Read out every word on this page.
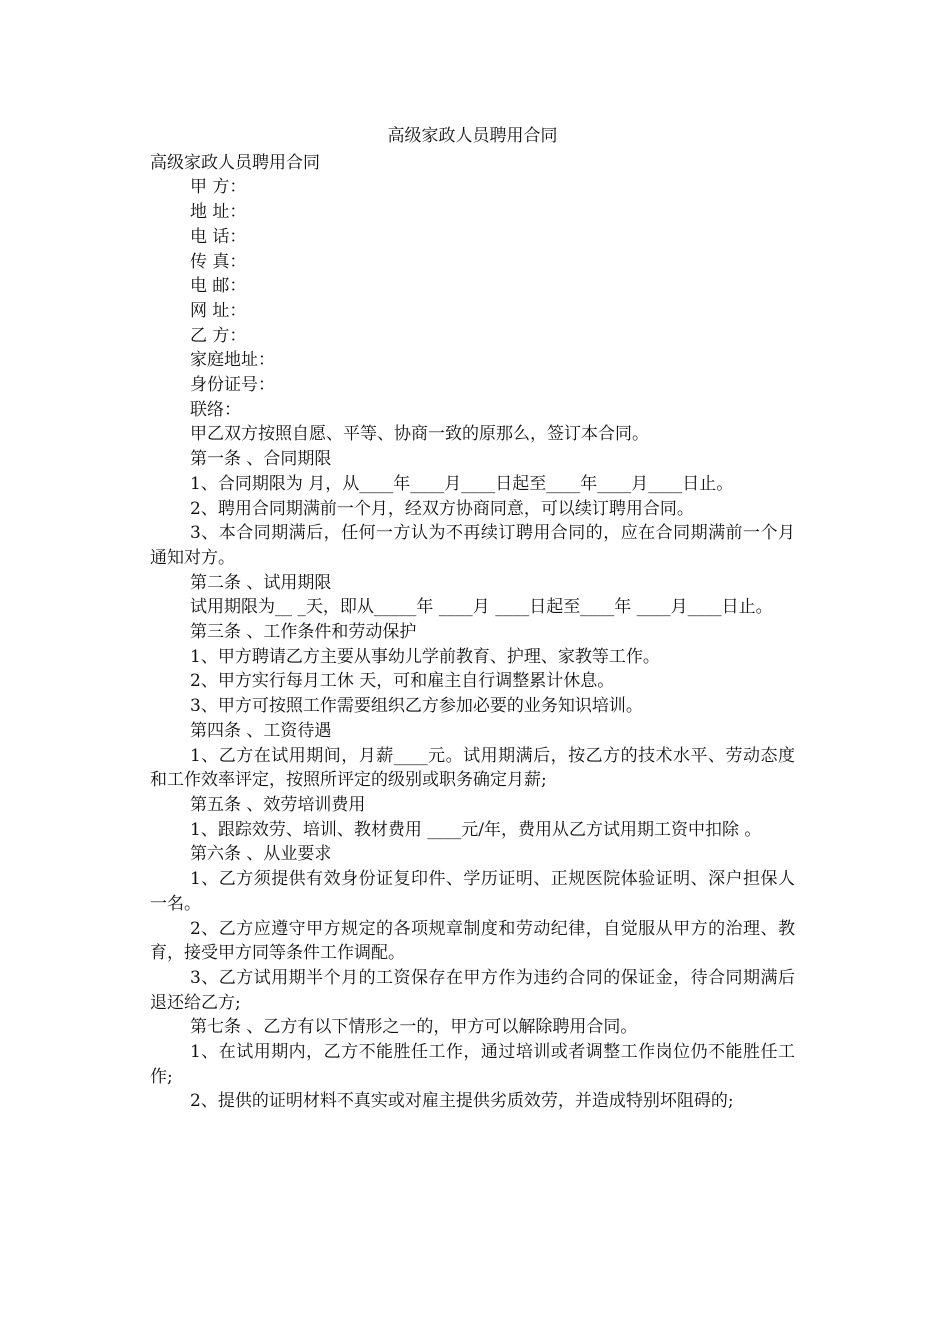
高级家政人员聘用合同

高级家政人员聘用合同

甲 方：

地 址：

电 话：

传 真：

电 邮：

网 址：

乙 方：

家庭地址：

身份证号：

联络：

甲乙双方按照自愿、平等、协商一致的原那么，签订本合同。

第一条 、合同期限

1、合同期限为 月，从____年____月____日起至____年____月____日止。

2、聘用合同期满前一个月，经双方协商同意，可以续订聘用合同。

3、本合同期满后，任何一方认为不再续订聘用合同的，应在合同期满前一个月通知对方。

第二条 、试用期限

试用期限为__ _天，即从_____年 ____月 ____日起至____年 ____月____日止。

第三条 、工作条件和劳动保护

1、甲方聘请乙方主要从事幼儿学前教育、护理、家教等工作。

2、甲方实行每月工休 天，可和雇主自行调整累计休息。

3、甲方可按照工作需要组织乙方参加必要的业务知识培训。

第四条 、工资待遇

1、乙方在试用期间，月薪____元。试用期满后，按乙方的技术水平、劳动态度和工作效率评定，按照所评定的级别或职务确定月薪;

第五条 、效劳培训费用

1、跟踪效劳、培训、教材费用 ____元/年，费用从乙方试用期工资中扣除 。

第六条 、从业要求

1、乙方须提供有效身份证复印件、学历证明、正规医院体验证明、深户担保人一名。

2、乙方应遵守甲方规定的各项规章制度和劳动纪律，自觉服从甲方的治理、教育，接受甲方同等条件工作调配。

3、乙方试用期半个月的工资保存在甲方作为违约合同的保证金，待合同期满后退还给乙方;

第七条 、乙方有以下情形之一的，甲方可以解除聘用合同。

1、在试用期内，乙方不能胜任工作，通过培训或者调整工作岗位仍不能胜任工作;

2、提供的证明材料不真实或对雇主提供劣质效劳，并造成特别坏阻碍的;
